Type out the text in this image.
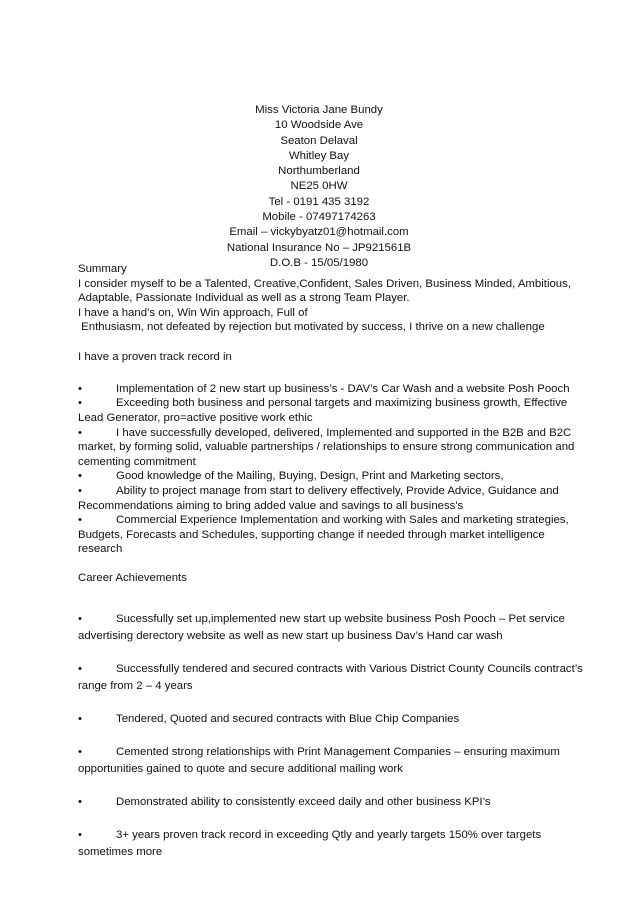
Miss Victoria Jane Bundy
10 Woodside Ave
Seaton Delaval
Whitley Bay
Northumberland
NE25 0HW
Tel - 0191 435 3192
Mobile - 07497174263
Email – vickybyatz01@hotmail.com
National Insurance No – JP921561B
D.O.B - 15/05/1980
Summary
I consider myself to be a Talented, Creative,Confident, Sales Driven, Business Minded, Ambitious,
Adaptable, Passionate Individual as well as a strong Team Player.
I have a hand’s on, Win Win approach, Full of
Enthusiasm, not defeated by rejection but motivated by success, I thrive on a new challenge
I have a proven track record in
•	Implementation of 2 new start up business’s - DAV’s Car Wash and a website Posh Pooch
•	Exceeding both business and personal targets and maximizing business growth, Effective
Lead Generator, pro=active positive work ethic
•	I have successfully developed, delivered, Implemented and supported in the B2B and B2C
market, by forming solid, valuable partnerships / relationships to ensure strong communication and
cementing commitment
•	Good knowledge of the Mailing, Buying, Design, Print and Marketing sectors,
•	Ability to project manage from start to delivery effectively, Provide Advice, Guidance and
Recommendations aiming to bring added value and savings to all business's
•	Commercial Experience Implementation and working with Sales and marketing strategies,
Budgets, Forecasts and Schedules, supporting change if needed through market intelligence
research
Career Achievements
•	Sucessfully set up,implemented new start up website business Posh Pooch – Pet service
advertising derectory website as well as new start up business Dav’s Hand car wash
•	Successfully tendered and secured contracts with Various District County Councils contract’s
range from 2 – 4 years
•	Tendered, Quoted and secured contracts with Blue Chip Companies
•	Cemented strong relationships with Print Management Companies – ensuring maximum
opportunities gained to quote and secure additional mailing work
•	Demonstrated ability to consistently exceed daily and other business KPI’s
•	3+ years proven track record in exceeding Qtly and yearly targets 150% over targets
sometimes more
